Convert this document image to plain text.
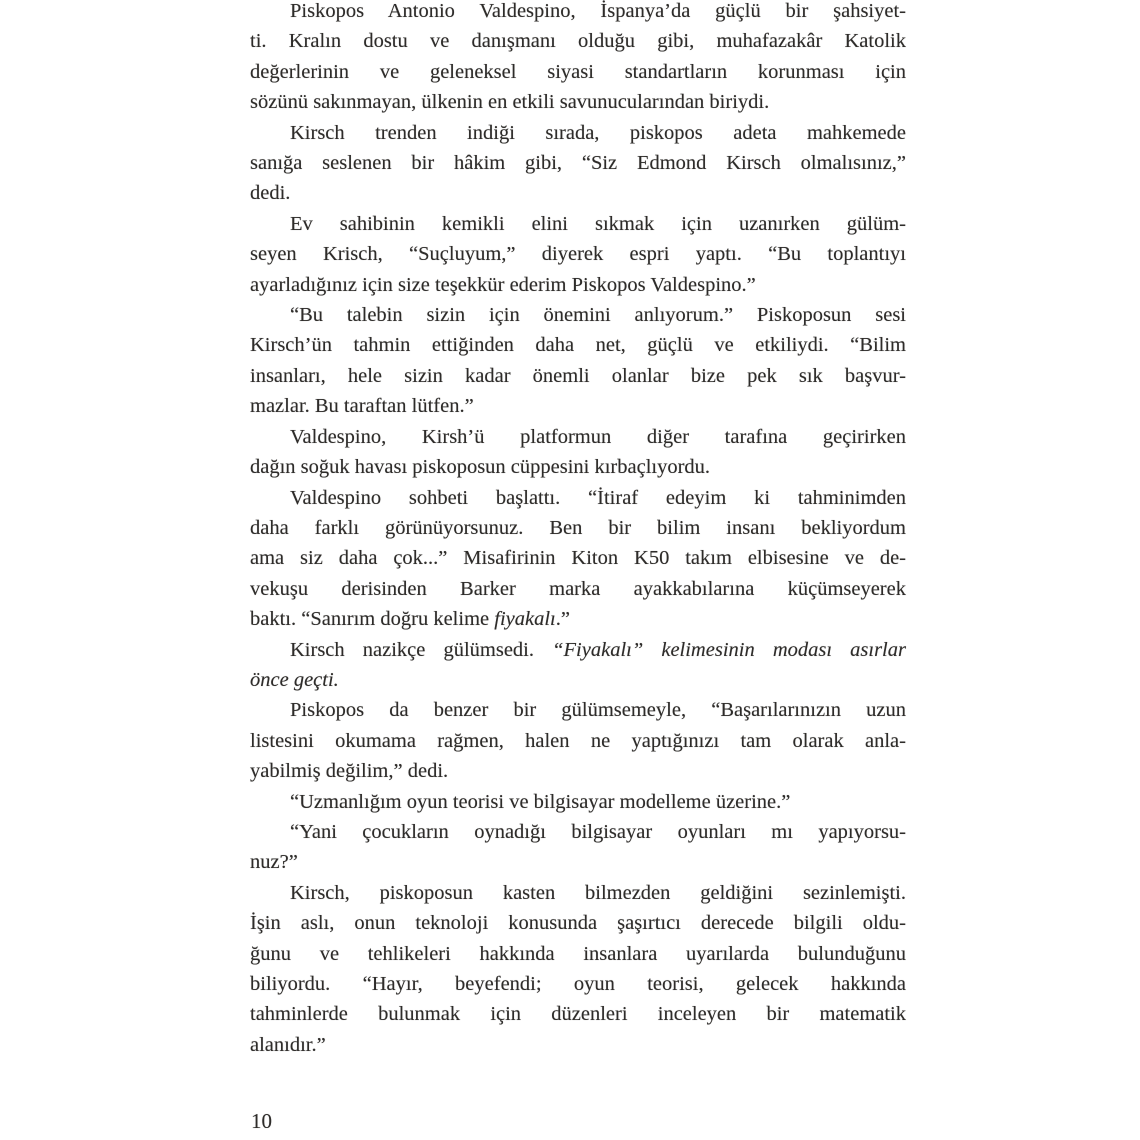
Piskopos Antonio Valdespino, İspanya’da güçlü bir şahsiyet-
ti. Kralın dostu ve danışmanı olduğu gibi, muhafazakâr Katolik
değerlerinin ve geleneksel siyasi standartların korunması için
sözünü sakınmayan, ülkenin en etkili savunucularından biriydi.
Kirsch trenden indiği sırada, piskopos adeta mahkemede
sanığa seslenen bir hâkim gibi, “Siz Edmond Kirsch olmalısınız,”
dedi.
Ev sahibinin kemikli elini sıkmak için uzanırken gülüm-
seyen Krisch, “Suçluyum,” diyerek espri yaptı. “Bu toplantıyı
ayarladığınız için size teşekkür ederim Piskopos Valdespino.”
“Bu talebin sizin için önemini anlıyorum.” Piskoposun sesi
Kirsch’ün tahmin ettiğinden daha net, güçlü ve etkiliydi. “Bilim
insanları, hele sizin kadar önemli olanlar bize pek sık başvur-
mazlar. Bu taraftan lütfen.”
Valdespino, Kirsh’ü platformun diğer tarafına geçirirken
dağın soğuk havası piskoposun cüppesini kırbaçlıyordu.
Valdespino sohbeti başlattı. “İtiraf edeyim ki tahminimden
daha farklı görünüyorsunuz. Ben bir bilim insanı bekliyordum
ama siz daha çok...” Misafirinin Kiton K50 takım elbisesine ve de-
vekuşu derisinden Barker marka ayakkabılarına küçümseyerek
baktı. “Sanırım doğru kelime fiyakalı.”
Kirsch nazikçe gülümsedi. “Fiyakalı” kelimesinin modası asırlar
önce geçti.
Piskopos da benzer bir gülümsemeyle, “Başarılarınızın uzun
listesini okumama rağmen, halen ne yaptığınızı tam olarak anla-
yabilmiş değilim,” dedi.
“Uzmanlığım oyun teorisi ve bilgisayar modelleme üzerine.”
“Yani çocukların oynadığı bilgisayar oyunları mı yapıyorsu-
nuz?”
Kirsch, piskoposun kasten bilmezden geldiğini sezinlemişti.
İşin aslı, onun teknoloji konusunda şaşırtıcı derecede bilgili oldu-
ğunu ve tehlikeleri hakkında insanlara uyarılarda bulunduğunu
biliyordu. “Hayır, beyefendi; oyun teorisi, gelecek hakkında
tahminlerde bulunmak için düzenleri inceleyen bir matematik
alanıdır.”
10
